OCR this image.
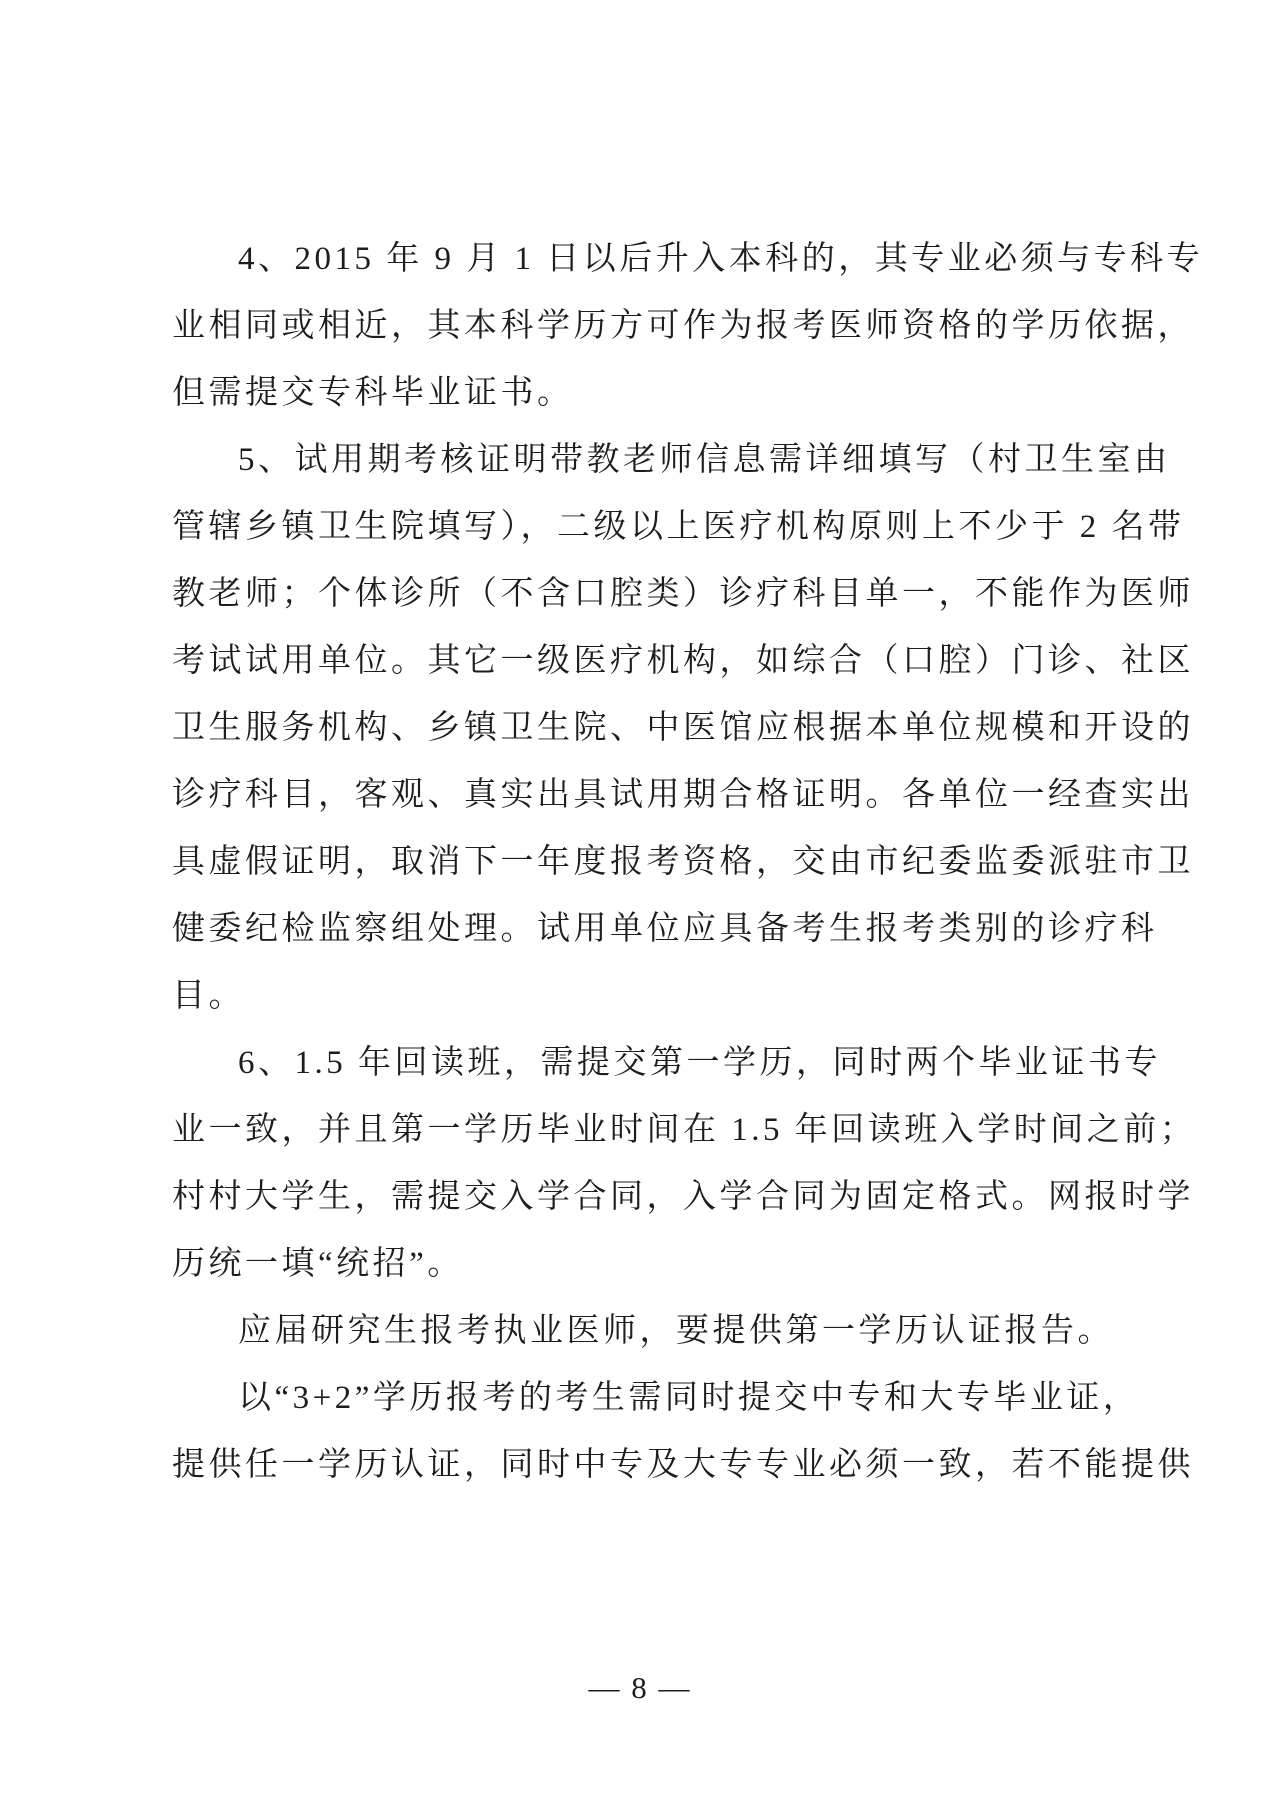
4、2015 年 9 月 1 日以后升入本科的，其专业必须与专科专
业相同或相近，其本科学历方可作为报考医师资格的学历依据，
但需提交专科毕业证书。
5、试用期考核证明带教老师信息需详细填写（村卫生室由
管辖乡镇卫生院填写），二级以上医疗机构原则上不少于 2 名带
教老师；个体诊所（不含口腔类）诊疗科目单一，不能作为医师
考试试用单位。其它一级医疗机构，如综合（口腔）门诊、社区
卫生服务机构、乡镇卫生院、中医馆应根据本单位规模和开设的
诊疗科目，客观、真实出具试用期合格证明。各单位一经查实出
具虚假证明，取消下一年度报考资格，交由市纪委监委派驻市卫
健委纪检监察组处理。试用单位应具备考生报考类别的诊疗科
目。
6、1.5 年回读班，需提交第一学历，同时两个毕业证书专
业一致，并且第一学历毕业时间在 1.5 年回读班入学时间之前；
村村大学生，需提交入学合同，入学合同为固定格式。网报时学
历统一填“统招”。
应届研究生报考执业医师，要提供第一学历认证报告。
以“3+2”学历报考的考生需同时提交中专和大专毕业证，
提供任一学历认证，同时中专及大专专业必须一致，若不能提供
— 8 —
